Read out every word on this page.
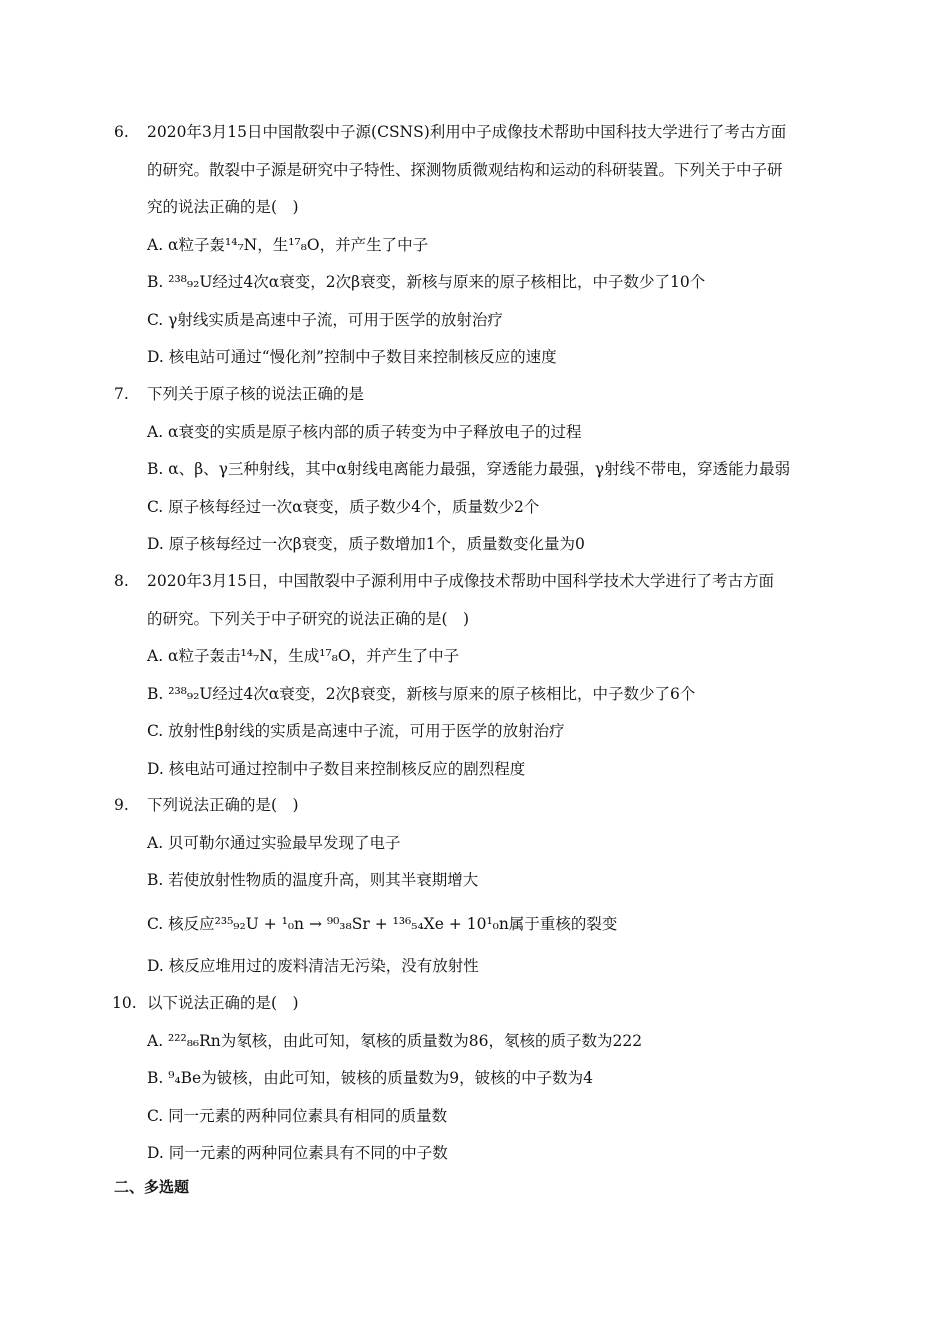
6.	2020年3月15日中国散裂中子源(CSNS)利用中子成像技术帮助中国科技大学进行了考古方面
的研究。散裂中子源是研究中子特性、探测物质微观结构和运动的科研装置。下列关于中子研
究的说法正确的是(　)
A. α粒子轰¹⁴₇N，生¹⁷₈O，并产生了中子
B. ²³⁸₉₂U经过4次α衰变，2次β衰变，新核与原来的原子核相比，中子数少了10个
C. γ射线实质是高速中子流，可用于医学的放射治疗
D. 核电站可通过“慢化剂”控制中子数目来控制核反应的速度
7.	下列关于原子核的说法正确的是
A. α衰变的实质是原子核内部的质子转变为中子释放电子的过程
B. α、β、γ三种射线，其中α射线电离能力最强，穿透能力最强，γ射线不带电，穿透能力最弱
C. 原子核每经过一次α衰变，质子数少4个，质量数少2个
D. 原子核每经过一次β衰变，质子数增加1个，质量数变化量为0
8.	2020年3月15日，中国散裂中子源利用中子成像技术帮助中国科学技术大学进行了考古方面
的研究。下列关于中子研究的说法正确的是(　)
A. α粒子轰击¹⁴₇N，生成¹⁷₈O，并产生了中子
B. ²³⁸₉₂U经过4次α衰变，2次β衰变，新核与原来的原子核相比，中子数少了6个
C. 放射性β射线的实质是高速中子流，可用于医学的放射治疗
D. 核电站可通过控制中子数目来控制核反应的剧烈程度
9.	下列说法正确的是(　)
A. 贝可勒尔通过实验最早发现了电子
B. 若使放射性物质的温度升高，则其半衰期增大
C. 核反应²³⁵₉₂U + ¹₀n → ⁹⁰₃₈Sr + ¹³⁶₅₄Xe + 10¹₀n属于重核的裂变
D. 核反应堆用过的废料清洁无污染，没有放射性
10. 以下说法正确的是(　)
A. ²²²₈₆Rn为氡核，由此可知，氡核的质量数为86，氡核的质子数为222
B. ⁹₄Be为铍核，由此可知，铍核的质量数为9，铍核的中子数为4
C. 同一元素的两种同位素具有相同的质量数
D. 同一元素的两种同位素具有不同的中子数
二、多选题
